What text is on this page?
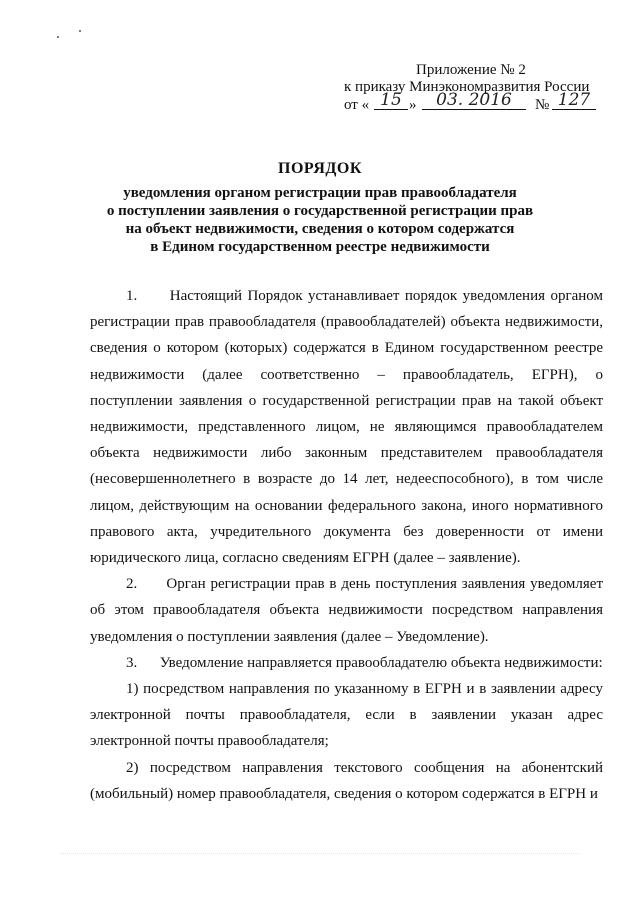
Приложение № 2
к приказу Минэкономразвития России
от « 15 »	03. 2016	№ 127
ПОРЯДОК
уведомления органом регистрации прав правообладателя
о поступлении заявления о государственной регистрации прав
на объект недвижимости, сведения о котором содержатся
в Едином государственном реестре недвижимости

1.      Настоящий Порядок устанавливает порядок уведомления органом регистрации прав правообладателя (правообладателей) объекта недвижимости, сведения о котором (которых) содержатся в Едином государственном реестре недвижимости (далее соответственно – правообладатель, ЕГРН), о поступлении заявления о государственной регистрации прав на такой объект недвижимости, представленного лицом, не являющимся правообладателем объекта недвижимости либо законным представителем правообладателя (несовершеннолетнего в возрасте до 14 лет, недееспособного), в том числе лицом, действующим на основании федерального закона, иного нормативного правового акта, учредительного документа без доверенности от имени юридического лица, согласно сведениям ЕГРН (далее – заявление).

2.      Орган регистрации прав в день поступления заявления уведомляет об этом правообладателя объекта недвижимости посредством направления уведомления о поступлении заявления (далее – Уведомление).

3.      Уведомление направляется правообладателю объекта недвижимости:

1) посредством направления по указанному в ЕГРН и в заявлении адресу электронной почты правообладателя, если в заявлении указан адрес электронной почты правообладателя;

2) посредством направления текстового сообщения на абонентский (мобильный) номер правообладателя, сведения о котором содержатся в ЕГРН и
